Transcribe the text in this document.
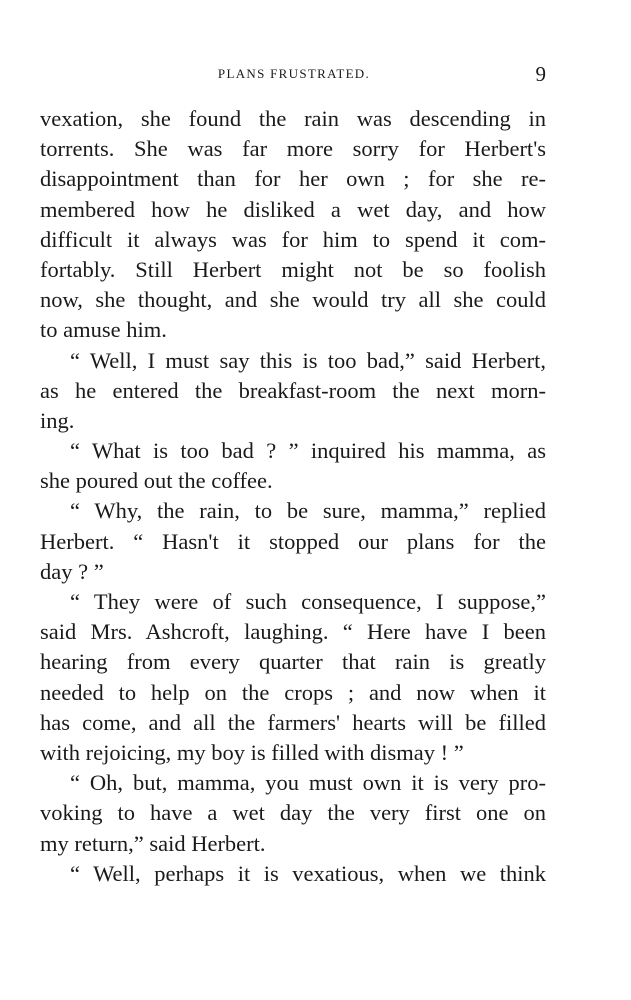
PLANS FRUSTRATED.	9
vexation, she found the rain was descending in
torrents. She was far more sorry for Herbert's
disappointment than for her own ; for she re-
membered how he disliked a wet day, and how
difficult it always was for him to spend it com-
fortably. Still Herbert might not be so foolish
now, she thought, and she would try all she could
to amuse him.
“ Well, I must say this is too bad,” said Herbert,
as he entered the breakfast-room the next morn-
ing.
“ What is too bad ? ” inquired his mamma, as
she poured out the coffee.
“ Why, the rain, to be sure, mamma,” replied
Herbert. “ Hasn't it stopped our plans for the
day ? ”
“ They were of such consequence, I suppose,”
said Mrs. Ashcroft, laughing. “ Here have I been
hearing from every quarter that rain is greatly
needed to help on the crops ; and now when it
has come, and all the farmers' hearts will be filled
with rejoicing, my boy is filled with dismay ! ”
“ Oh, but, mamma, you must own it is very pro-
voking to have a wet day the very first one on
my return,” said Herbert.
“ Well, perhaps it is vexatious, when we think
